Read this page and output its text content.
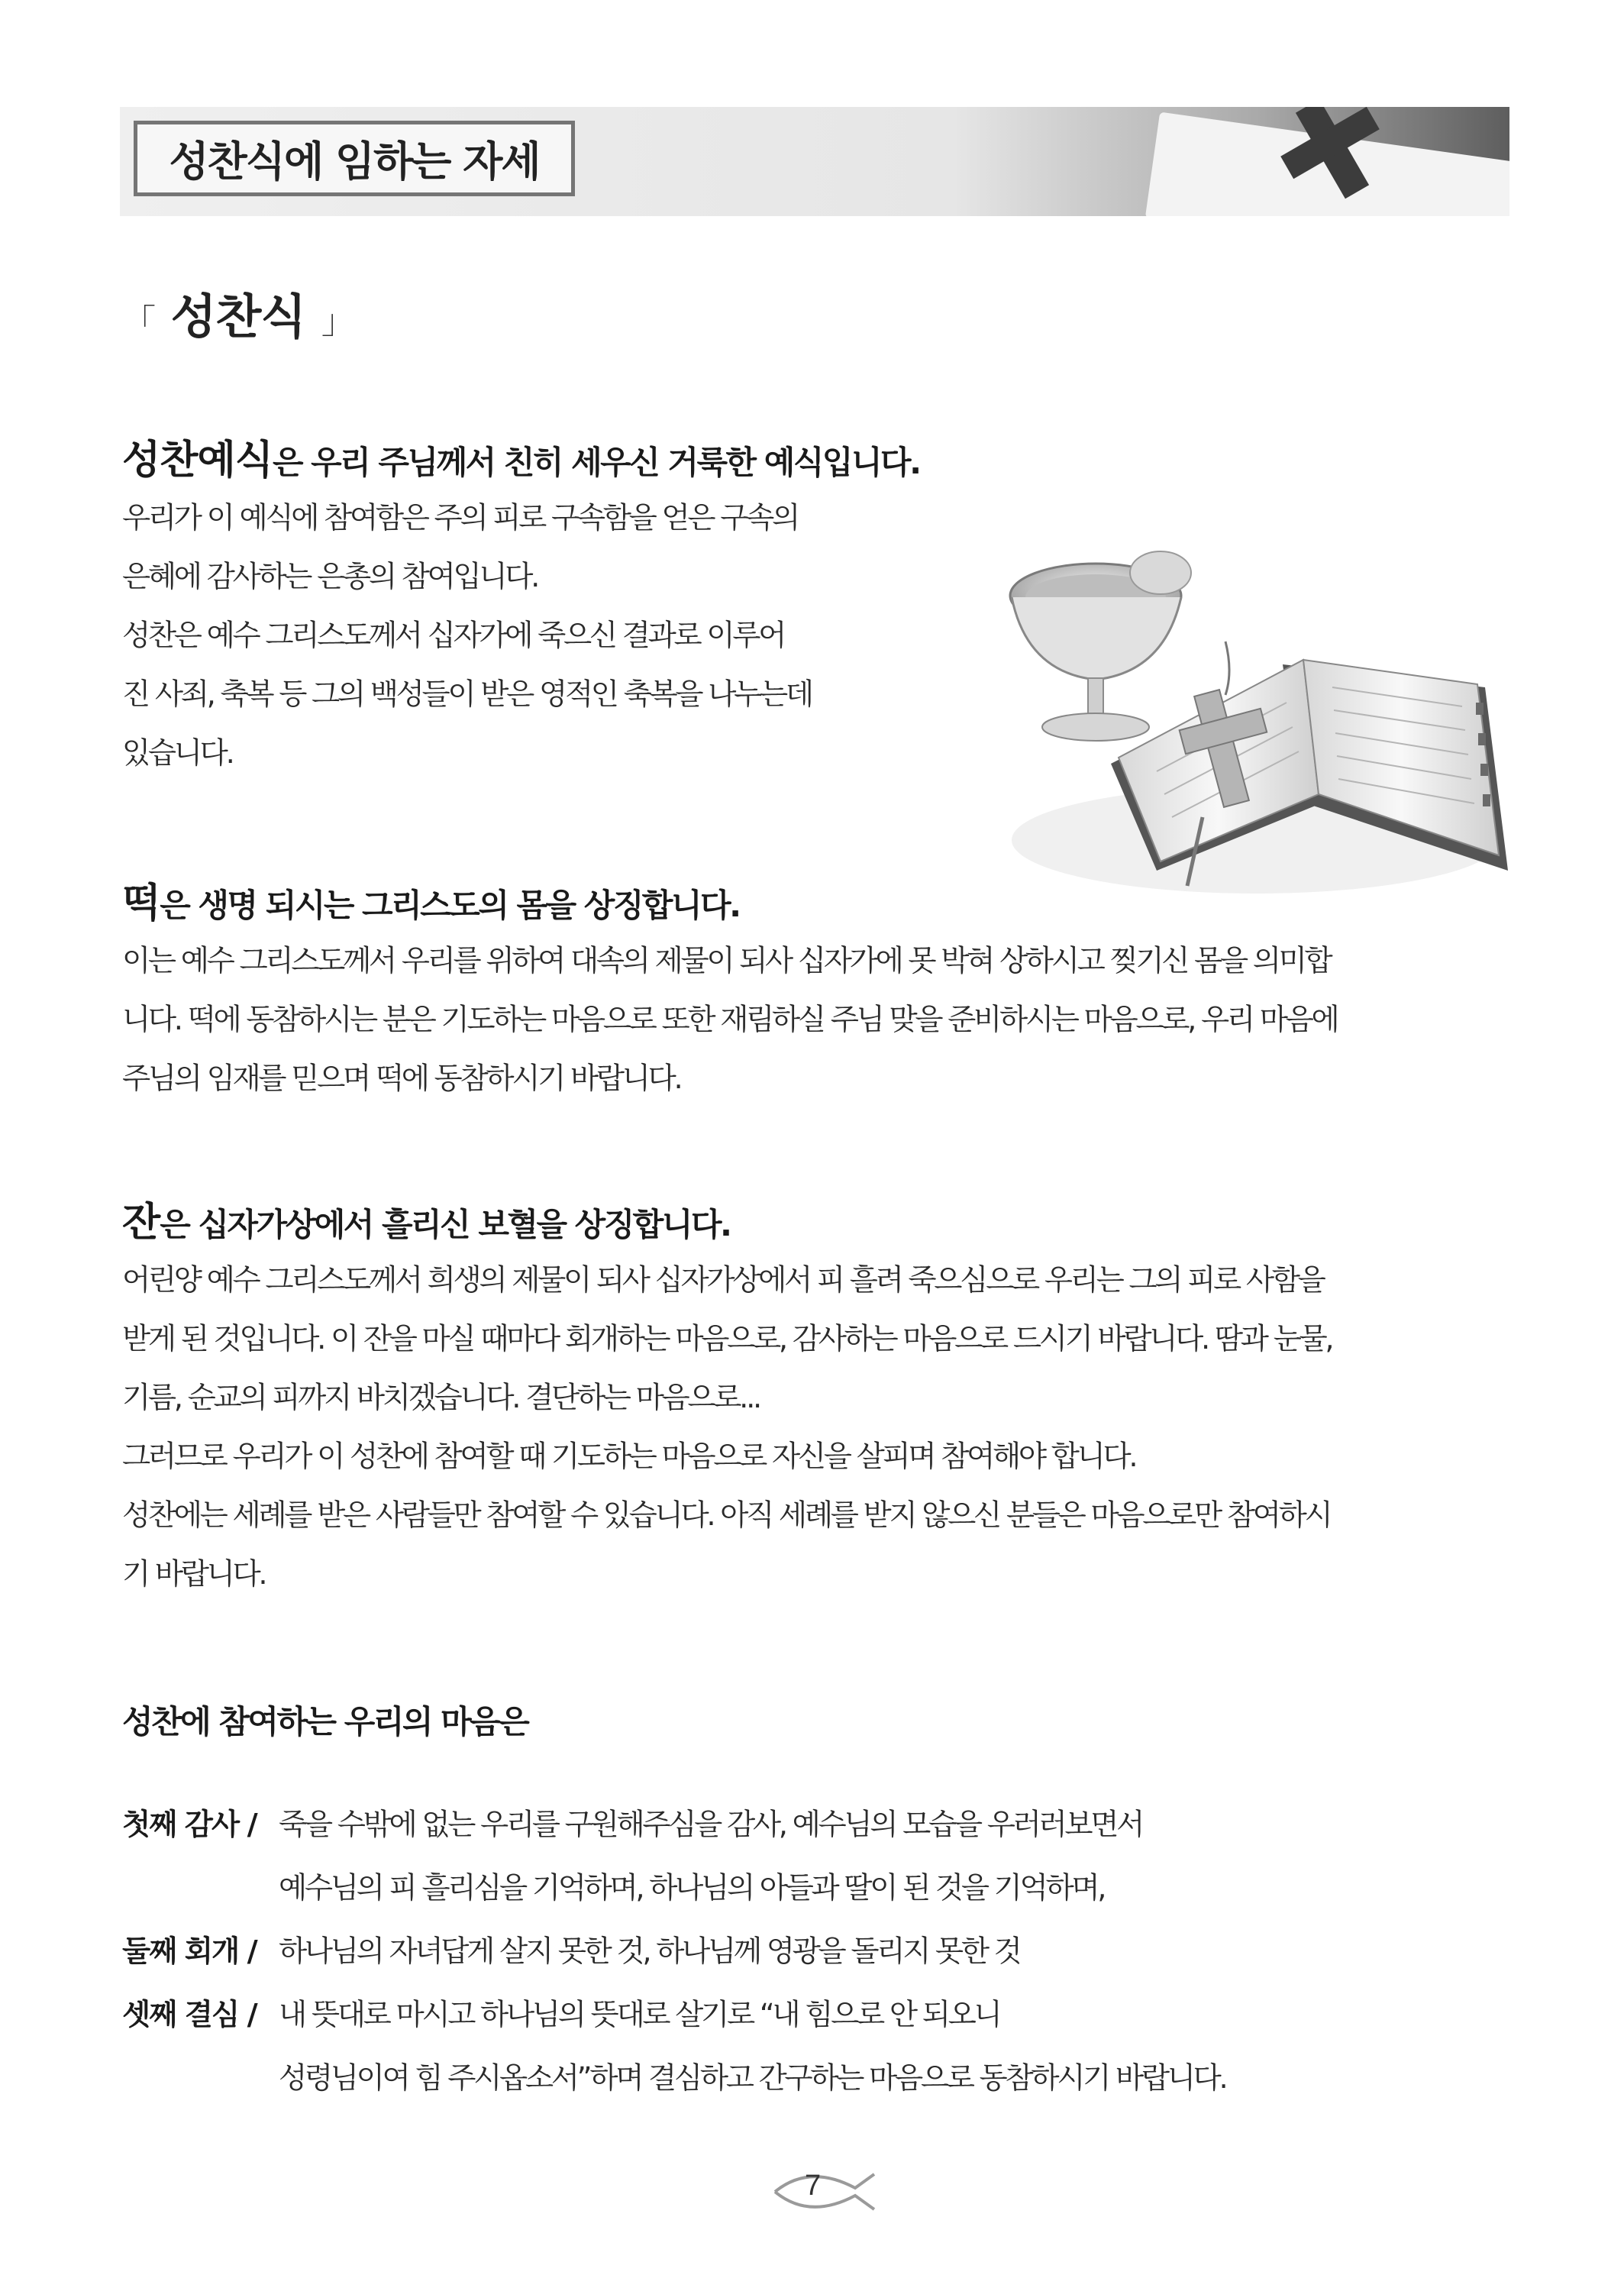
성찬식에 임하는 자세
「 성찬식 」
성찬예식은 우리 주님께서 친히 세우신 거룩한 예식입니다.
우리가 이 예식에 참여함은 주의 피로 구속함을 얻은 구속의
은혜에 감사하는 은총의 참여입니다.
성찬은 예수 그리스도께서 십자가에 죽으신 결과로 이루어
진 사죄, 축복 등 그의 백성들이 받은 영적인 축복을 나누는데
있습니다.
떡은 생명 되시는 그리스도의 몸을 상징합니다.
이는 예수 그리스도께서 우리를 위하여 대속의 제물이 되사 십자가에 못 박혀 상하시고 찢기신 몸을 의미합
니다. 떡에 동참하시는 분은 기도하는 마음으로 또한 재림하실 주님 맞을 준비하시는 마음으로, 우리 마음에
주님의 임재를 믿으며 떡에 동참하시기 바랍니다.
잔은 십자가상에서 흘리신 보혈을 상징합니다.
어린양 예수 그리스도께서 희생의 제물이 되사 십자가상에서 피 흘려 죽으심으로 우리는 그의 피로 사함을
받게 된 것입니다. 이 잔을 마실 때마다 회개하는 마음으로, 감사하는 마음으로 드시기 바랍니다. 땀과 눈물,
기름, 순교의 피까지 바치겠습니다. 결단하는 마음으로...
그러므로 우리가 이 성찬에 참여할 때 기도하는 마음으로 자신을 살피며 참여해야 합니다.
성찬에는 세례를 받은 사람들만 참여할 수 있습니다. 아직 세례를 받지 않으신 분들은 마음으로만 참여하시
기 바랍니다.
성찬에 참여하는 우리의 마음은
첫째 감사 / 죽을 수밖에 없는 우리를 구원해주심을 감사, 예수님의 모습을 우러러보면서
예수님의 피 흘리심을 기억하며, 하나님의 아들과 딸이 된 것을 기억하며,
둘째 회개 / 하나님의 자녀답게 살지 못한 것, 하나님께 영광을 돌리지 못한 것
셋째 결심 / 내 뜻대로 마시고 하나님의 뜻대로 살기로 “내 힘으로 안 되오니
성령님이여 힘 주시옵소서”하며 결심하고 간구하는 마음으로 동참하시기 바랍니다.
7
